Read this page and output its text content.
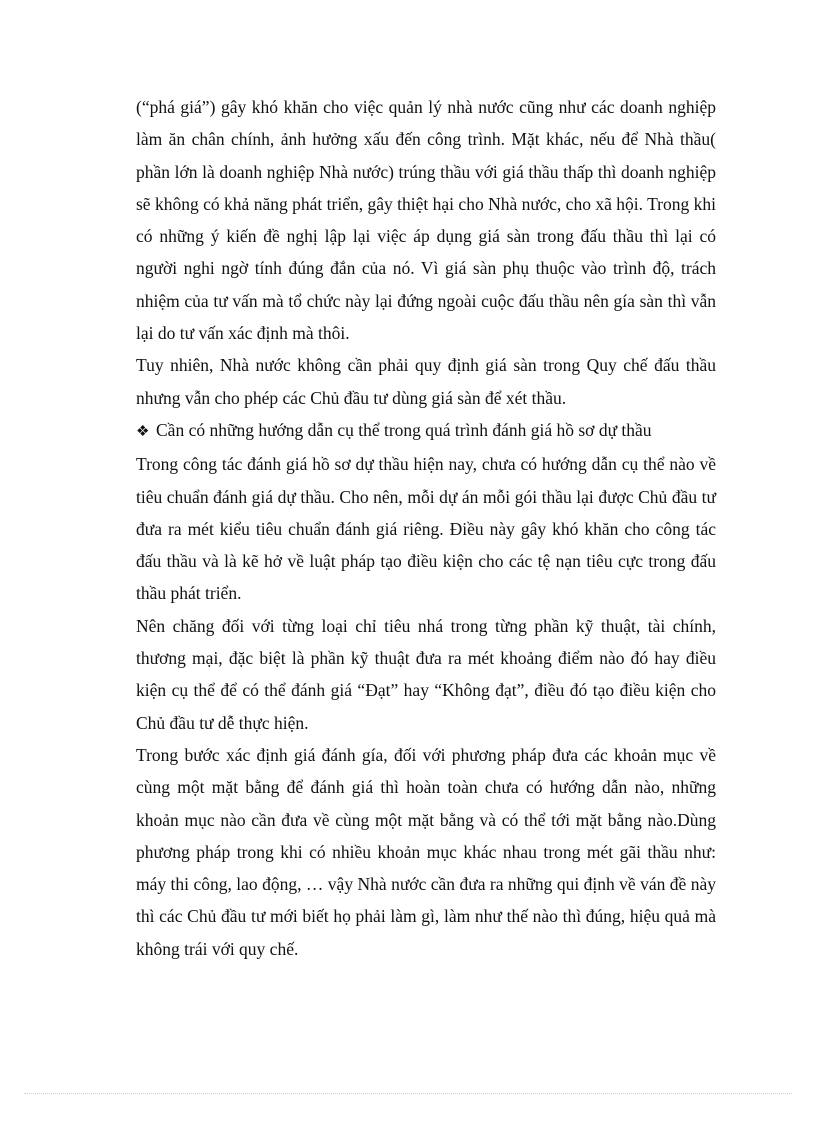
(“phá giá”) gây khó khăn cho việc quản lý nhà nước cũng như các doanh nghiệp làm ăn chân chính, ảnh hưởng xấu đến công trình. Mặt khác, nếu để Nhà thầu( phần lớn là doanh nghiệp Nhà nước) trúng thầu với giá thầu thấp thì doanh nghiệp sẽ không có khả năng phát triển, gây thiệt hại cho Nhà nước, cho xã hội. Trong khi có những ý kiến đề nghị lập lại việc áp dụng giá sàn trong đấu thầu thì lại có người nghi ngờ tính đúng đắn của nó. Vì giá sàn phụ thuộc vào trình độ, trách nhiệm của tư vấn mà tổ chức này lại đứng ngoài cuộc đấu thầu nên gía sàn thì vẫn lại do tư vấn xác định mà thôi.

Tuy nhiên, Nhà nước không cần phải quy định giá sàn trong Quy chế đấu thầu nhưng vẫn cho phép các Chủ đầu tư dùng giá sàn để xét thầu.

❖ Cần có những hướng dẫn cụ thể trong quá trình đánh giá hồ sơ dự thầu

Trong công tác đánh giá hồ sơ dự thầu hiện nay, chưa có hướng dẫn cụ thể nào về tiêu chuẩn đánh giá dự thầu. Cho nên, mỗi dự án mỗi gói thầu lại được Chủ đầu tư đưa ra mét kiểu tiêu chuẩn đánh giá riêng. Điều này gây khó khăn cho công tác đấu thầu và là kẽ hở về luật pháp tạo điều kiện cho các tệ nạn tiêu cực trong đấu thầu phát triển.

Nên chăng đối với từng loại chỉ tiêu nhá trong từng phần kỹ thuật, tài chính, thương mại, đặc biệt là phần kỹ thuật đưa ra mét khoảng điểm nào đó hay điều kiện cụ thể để có thể đánh giá “Đạt” hay “Không đạt”, điều đó tạo điều kiện cho Chủ đầu tư dễ thực hiện.

Trong bước xác định giá đánh gía, đối với phương pháp đưa các khoản mục về cùng một mặt bằng để đánh giá thì hoàn toàn chưa có hướng dẫn nào, những khoản mục nào cần đưa về cùng một mặt bằng và có thể tới mặt bằng nào.Dùng phương pháp trong khi có nhiều khoản mục khác nhau trong mét gãi thầu như: máy thi công, lao động, … vậy Nhà nước cần đưa ra những qui định về ván đề này thì các Chủ đầu tư mới biết họ phải làm gì, làm như thế nào thì đúng, hiệu quả mà không trái với quy chế.
